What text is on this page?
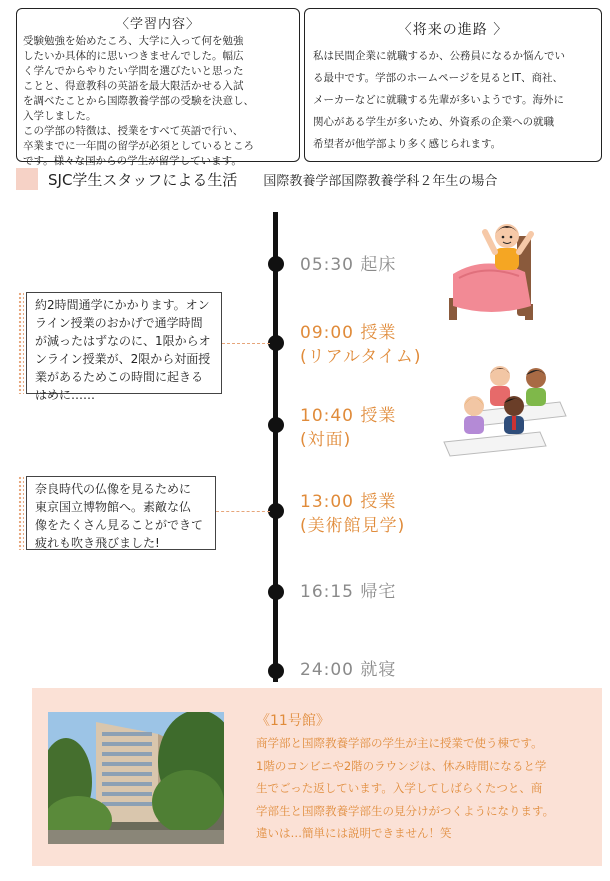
〈学習内容〉
受験勉強を始めたころ、大学に入って何を勉強
したいか具体的に思いつきませんでした。幅広
く学んでからやりたい学問を選びたいと思った
ことと、得意教科の英語を最大限活かせる入試
を調べたことから国際教養学部の受験を決意し、
入学しました。
この学部の特徴は、授業をすべて英語で行い、
卒業までに一年間の留学が必須としているところ
です。様々な国からの学生が留学しています。
〈将来の進路 〉
私は民間企業に就職するか、公務員になるか悩んでい
る最中です。学部のホームページを見るとIT、商社、
メーカーなどに就職する先輩が多いようです。海外に
関心がある学生が多いため、外資系の企業への就職
希望者が他学部より多く感じられます。
SJC学生スタッフによる生活 国際教養学部国際教養学科２年生の場合
05:30 起床
09:00 授業
(リアルタイム)
10:40 授業
(対面)
13:00 授業
(美術館見学)
16:15 帰宅
24:00 就寝
約2時間通学にかかります。オン
ライン授業のおかげで通学時間
が減ったはずなのに、1限からオ
ンライン授業が、2限から対面授
業があるためこの時間に起きる
はめに……
奈良時代の仏像を見るために
東京国立博物館へ。素敵な仏
像をたくさん見ることができて
疲れも吹き飛びました!
《11号館》
商学部と国際教養学部の学生が主に授業で使う棟です。
1階のコンビニや2階のラウンジは、休み時間になると学
生でごった返しています。入学してしばらくたつと、商
学部生と国際教養学部生の見分けがつくようになります。
違いは…簡単には説明できません！笑
